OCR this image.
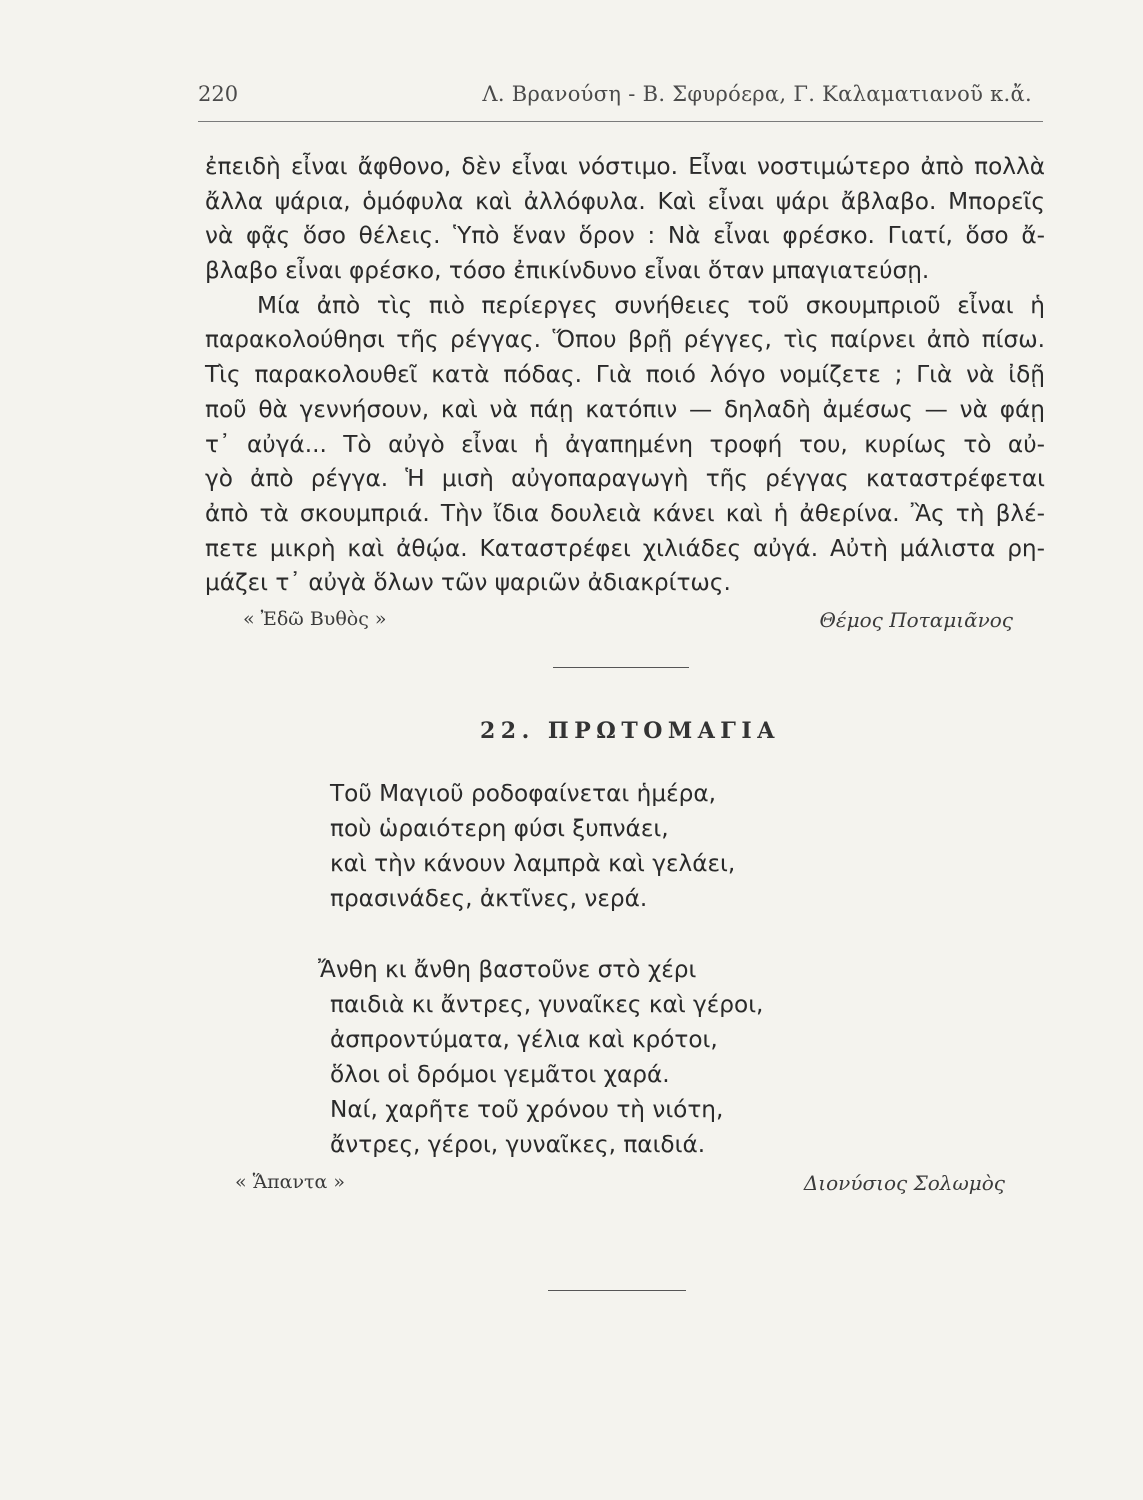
220	Λ. Βρανούση - Β. Σφυρόερα, Γ. Καλαματιανοῦ κ.ἄ.
ἐπειδὴ εἶναι ἄφθονο, δὲν εἶναι νόστιμο. Εἶναι νοστιμώτερο ἀπὸ πολλὰ
ἄλλα ψάρια, ὁμόφυλα καὶ ἀλλόφυλα. Καὶ εἶναι ψάρι ἄβλαβο. Μπορεῖς
νὰ φᾷς ὅσο θέλεις. Ὑπὸ ἕναν ὅρον : Νὰ εἶναι φρέσκο. Γιατί, ὅσο ἄ-
βλαβο εἶναι φρέσκο, τόσο ἐπικίνδυνο εἶναι ὅταν μπαγιατεύσῃ.
Μία ἀπὸ τὶς πιὸ περίεργες συνήθειες τοῦ σκουμπριοῦ εἶναι ἡ
παρακολούθησι τῆς ρέγγας. Ὅπου βρῇ ρέγγες, τὶς παίρνει ἀπὸ πίσω.
Τὶς παρακολουθεῖ κατὰ πόδας. Γιὰ ποιό λόγο νομίζετε ; Γιὰ νὰ ἰδῇ
ποῦ θὰ γεννήσουν, καὶ νὰ πάῃ κατόπιν — δηλαδὴ ἀμέσως — νὰ φάῃ
τ᾽ αὐγά... Τὸ αὐγὸ εἶναι ἡ ἀγαπημένη τροφή του, κυρίως τὸ αὐ-
γὸ ἀπὸ ρέγγα. Ἡ μισὴ αὐγοπαραγωγὴ τῆς ρέγγας καταστρέφεται
ἀπὸ τὰ σκουμπριά. Τὴν ἴδια δουλειὰ κάνει καὶ ἡ ἀθερίνα. Ἂς τὴ βλέ-
πετε μικρὴ καὶ ἀθῴα. Καταστρέφει χιλιάδες αὐγά. Αὐτὴ μάλιστα ρη-
μάζει τ᾽ αὐγὰ ὅλων τῶν ψαριῶν ἀδιακρίτως.
« Ἐδῶ Βυθὸς »	Θέμος Ποταμιᾶνος
22. ΠΡΩΤΟΜΑΓΙΑ
Τοῦ Μαγιοῦ ροδοφαίνεται ἡμέρα,
ποὺ ὡραιότερη φύσι ξυπνάει,
καὶ τὴν κάνουν λαμπρὰ καὶ γελάει,
πρασινάδες, ἀκτῖνες, νερά.
Ἄνθη κι ἄνθη βαστοῦνε στὸ χέρι
παιδιὰ κι ἄντρες, γυναῖκες καὶ γέροι,
ἀσπροντύματα, γέλια καὶ κρότοι,
ὅλοι οἱ δρόμοι γεμᾶτοι χαρά.
Ναί, χαρῆτε τοῦ χρόνου τὴ νιότη,
ἄντρες, γέροι, γυναῖκες, παιδιά.
« Ἅπαντα »	Διονύσιος Σολωμὸς
